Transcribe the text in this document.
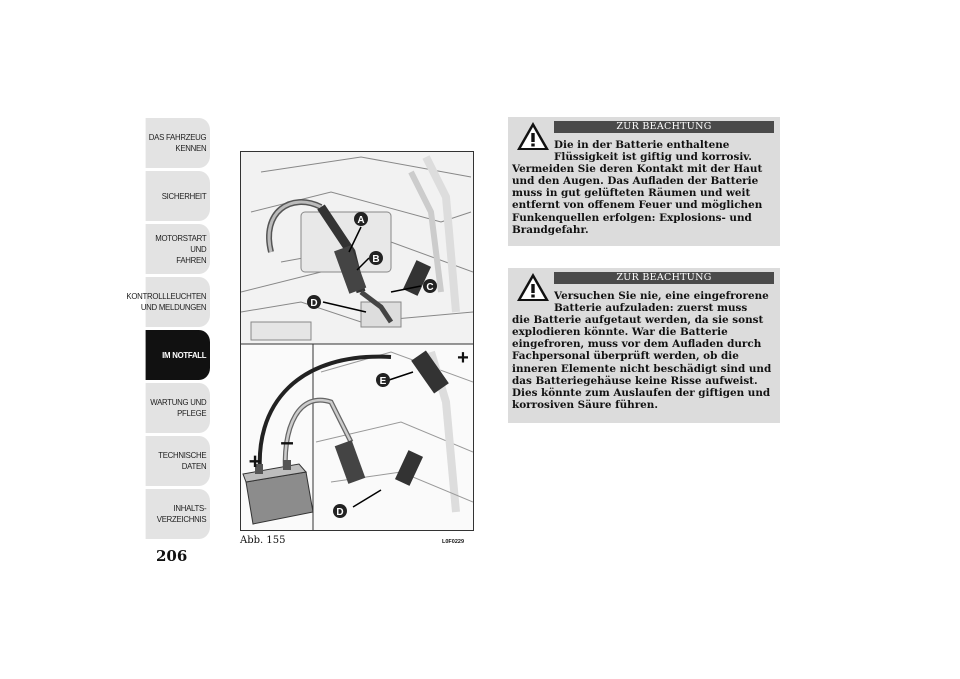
DAS FAHRZEUG
KENNEN
SICHERHEIT
MOTORSTART UND
FAHREN
KONTROLLLEUCHTEN
UND MELDUNGEN
IM NOTFALL
WARTUNG UND
PFLEGE
TECHNISCHE
DATEN
INHALTS-
VERZEICHNIS
206
A
B
C
D
E
D
+
+
–
Abb. 155	L0F0229
ZUR BEACHTUNG
Die in der Batterie enthaltene
Flüssigkeit ist giftig und korrosiv.
Vermeiden Sie deren Kontakt mit der Haut und den Augen. Das Aufladen der Batterie muss in gut gelüfteten Räumen und weit entfernt von offenem Feuer und möglichen Funkenquellen erfolgen: Explosions- und Brandgefahr.
ZUR BEACHTUNG
Versuchen Sie nie, eine eingefrorene
Batterie aufzuladen: zuerst muss
die Batterie aufgetaut werden, da sie sonst explodieren könnte. War die Batterie eingefroren, muss vor dem Aufladen durch Fachpersonal überprüft werden, ob die inneren Elemente nicht beschädigt sind und das Batteriegehäuse keine Risse aufweist. Dies könnte zum Auslaufen der giftigen und korrosiven Säure führen.
